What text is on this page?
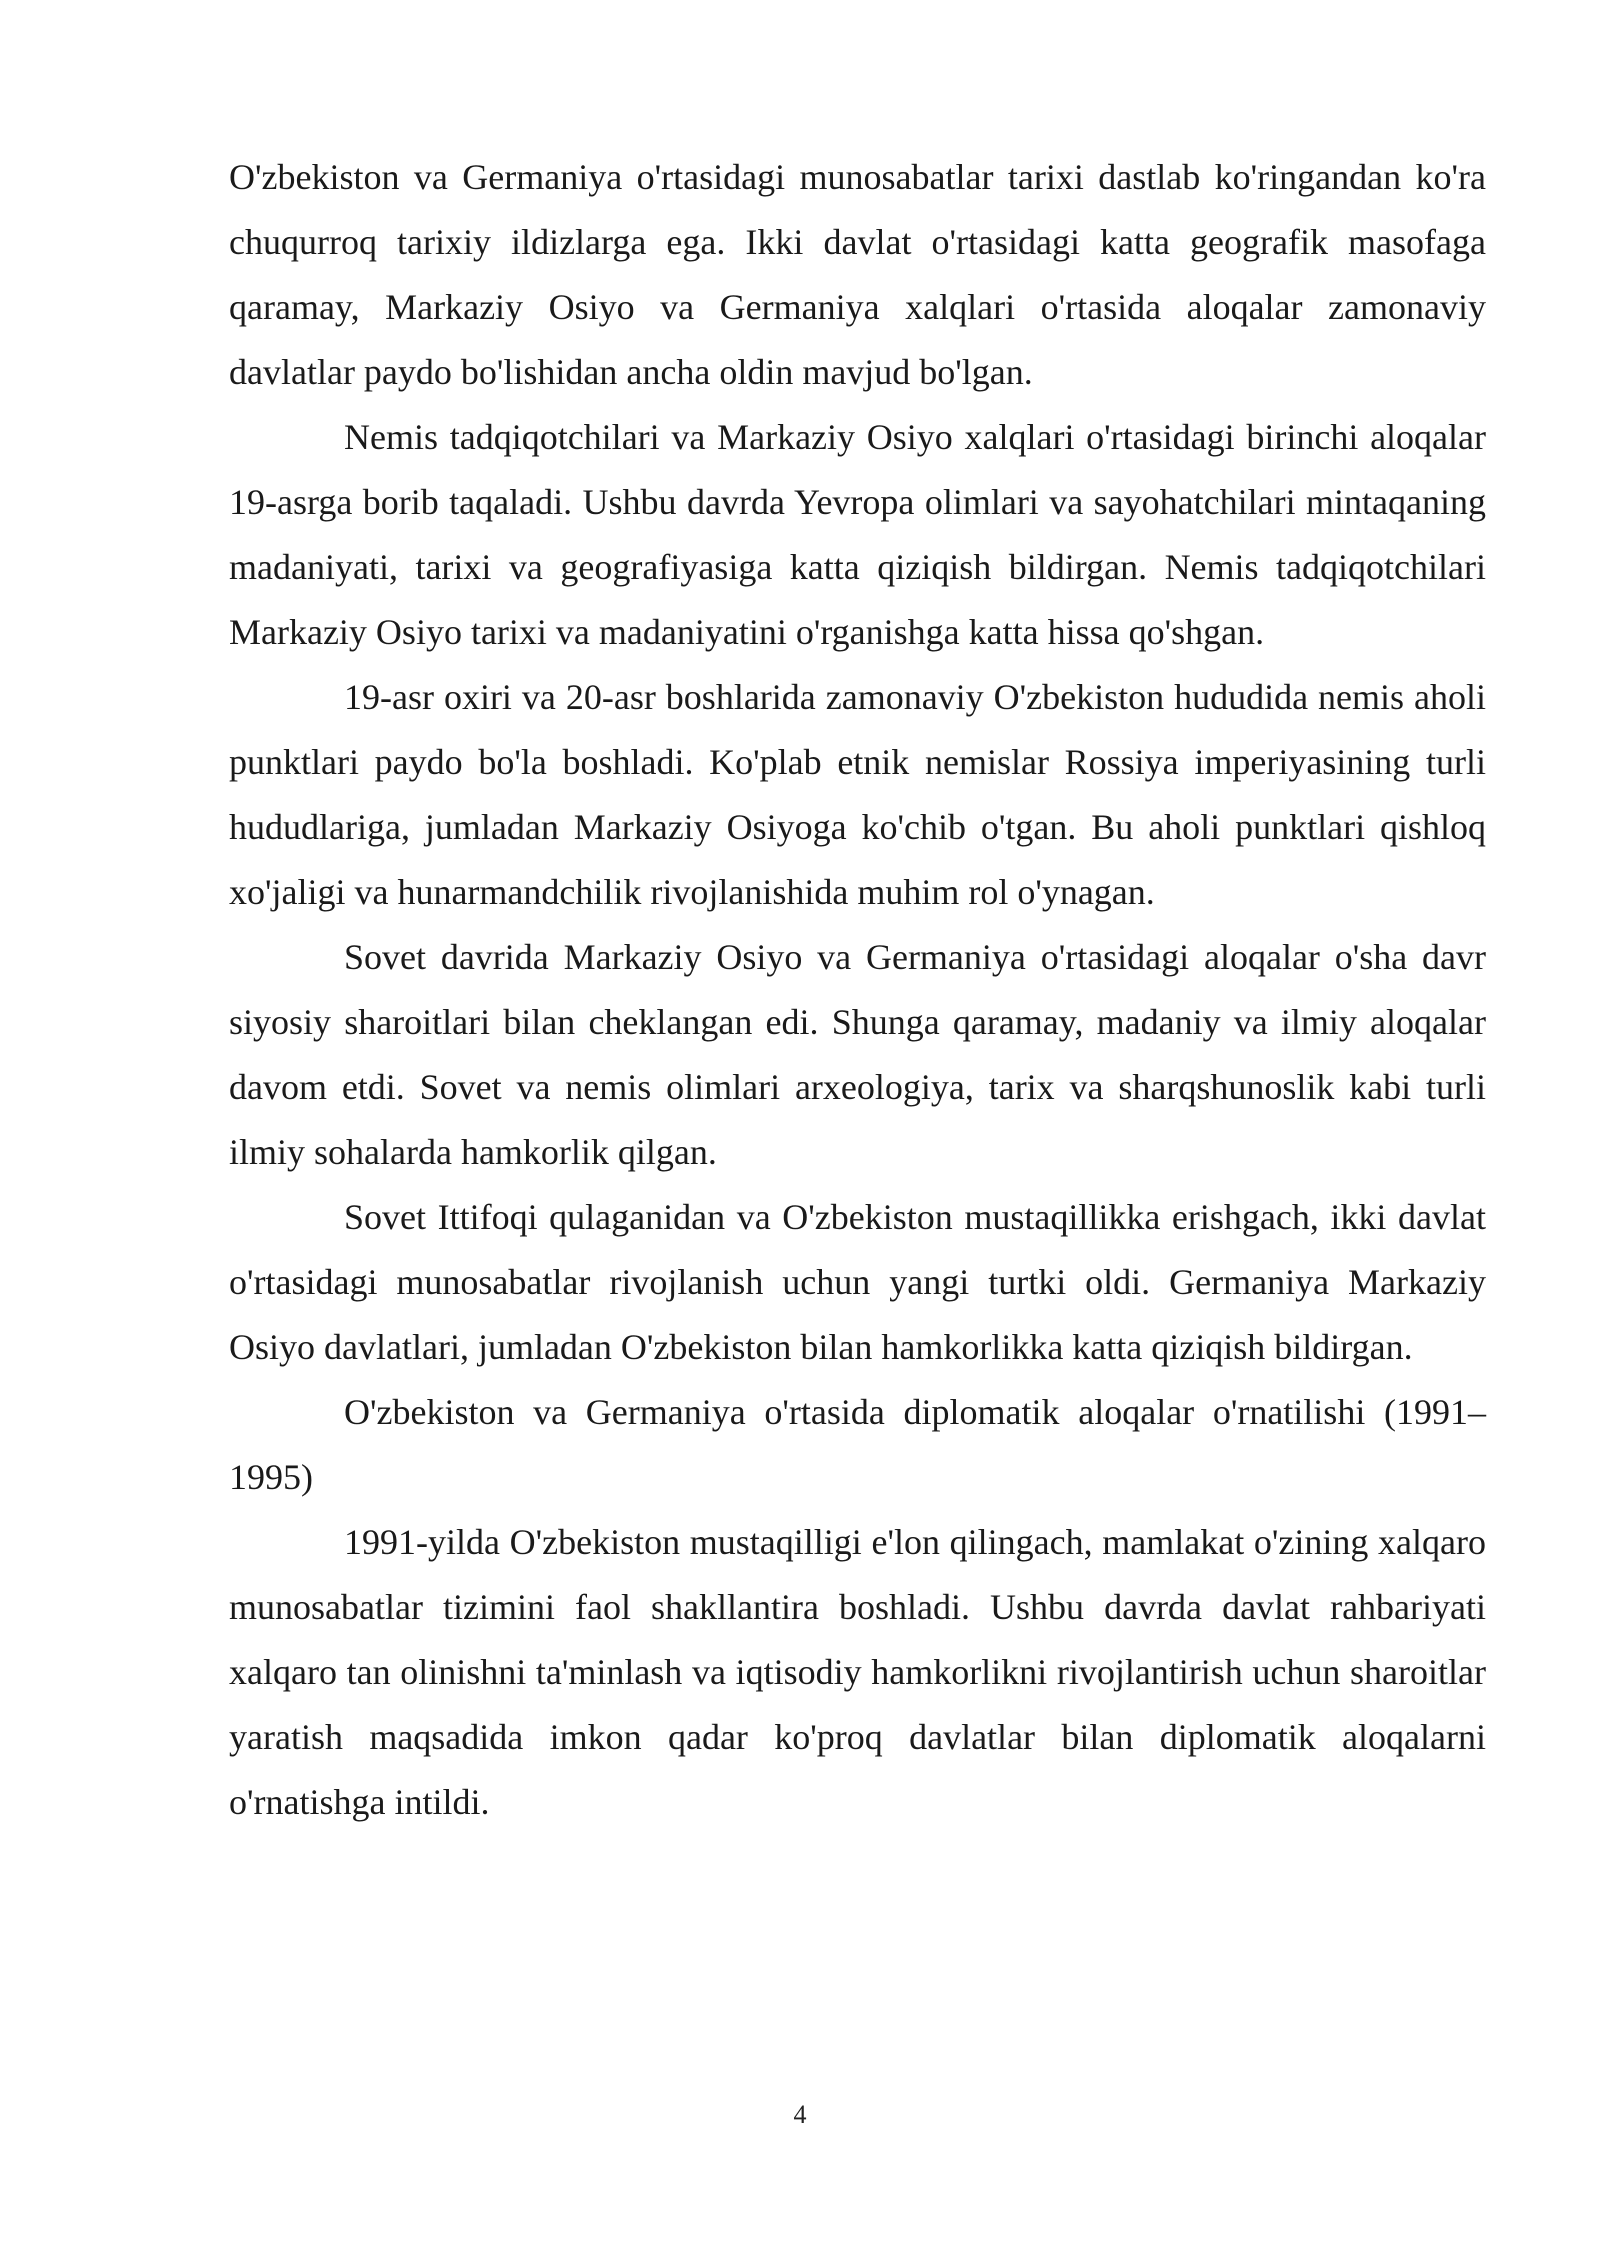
O'zbekiston va Germaniya o'rtasidagi munosabatlar tarixi dastlab ko'ringandan ko'ra chuqurroq tarixiy ildizlarga ega. Ikki davlat o'rtasidagi katta geografik masofaga qaramay, Markaziy Osiyo va Germaniya xalqlari o'rtasida aloqalar zamonaviy davlatlar paydo bo'lishidan ancha oldin mavjud bo'lgan.

Nemis tadqiqotchilari va Markaziy Osiyo xalqlari o'rtasidagi birinchi aloqalar 19-asrga borib taqaladi. Ushbu davrda Yevropa olimlari va sayohatchilari mintaqaning madaniyati, tarixi va geografiyasiga katta qiziqish bildirgan. Nemis tadqiqotchilari Markaziy Osiyo tarixi va madaniyatini o'rganishga katta hissa qo'shgan.

19-asr oxiri va 20-asr boshlarida zamonaviy O'zbekiston hududida nemis aholi punktlari paydo bo'la boshladi. Ko'plab etnik nemislar Rossiya imperiyasining turli hududlariga, jumladan Markaziy Osiyoga ko'chib o'tgan. Bu aholi punktlari qishloq xo'jaligi va hunarmandchilik rivojlanishida muhim rol o'ynagan.

Sovet davrida Markaziy Osiyo va Germaniya o'rtasidagi aloqalar o'sha davr siyosiy sharoitlari bilan cheklangan edi. Shunga qaramay, madaniy va ilmiy aloqalar davom etdi. Sovet va nemis olimlari arxeologiya, tarix va sharqshunoslik kabi turli ilmiy sohalarda hamkorlik qilgan.

Sovet Ittifoqi qulaganidan va O'zbekiston mustaqillikka erishgach, ikki davlat o'rtasidagi munosabatlar rivojlanish uchun yangi turtki oldi. Germaniya Markaziy Osiyo davlatlari, jumladan O'zbekiston bilan hamkorlikka katta qiziqish bildirgan.

O'zbekiston va Germaniya o'rtasida diplomatik aloqalar o'rnatilishi (1991–1995)

1991-yilda O'zbekiston mustaqilligi e'lon qilingach, mamlakat o'zining xalqaro munosabatlar tizimini faol shakllantira boshladi. Ushbu davrda davlat rahbariyati xalqaro tan olinishni ta'minlash va iqtisodiy hamkorlikni rivojlantirish uchun sharoitlar yaratish maqsadida imkon qadar ko'proq davlatlar bilan diplomatik aloqalarni o'rnatishga intildi.

4
